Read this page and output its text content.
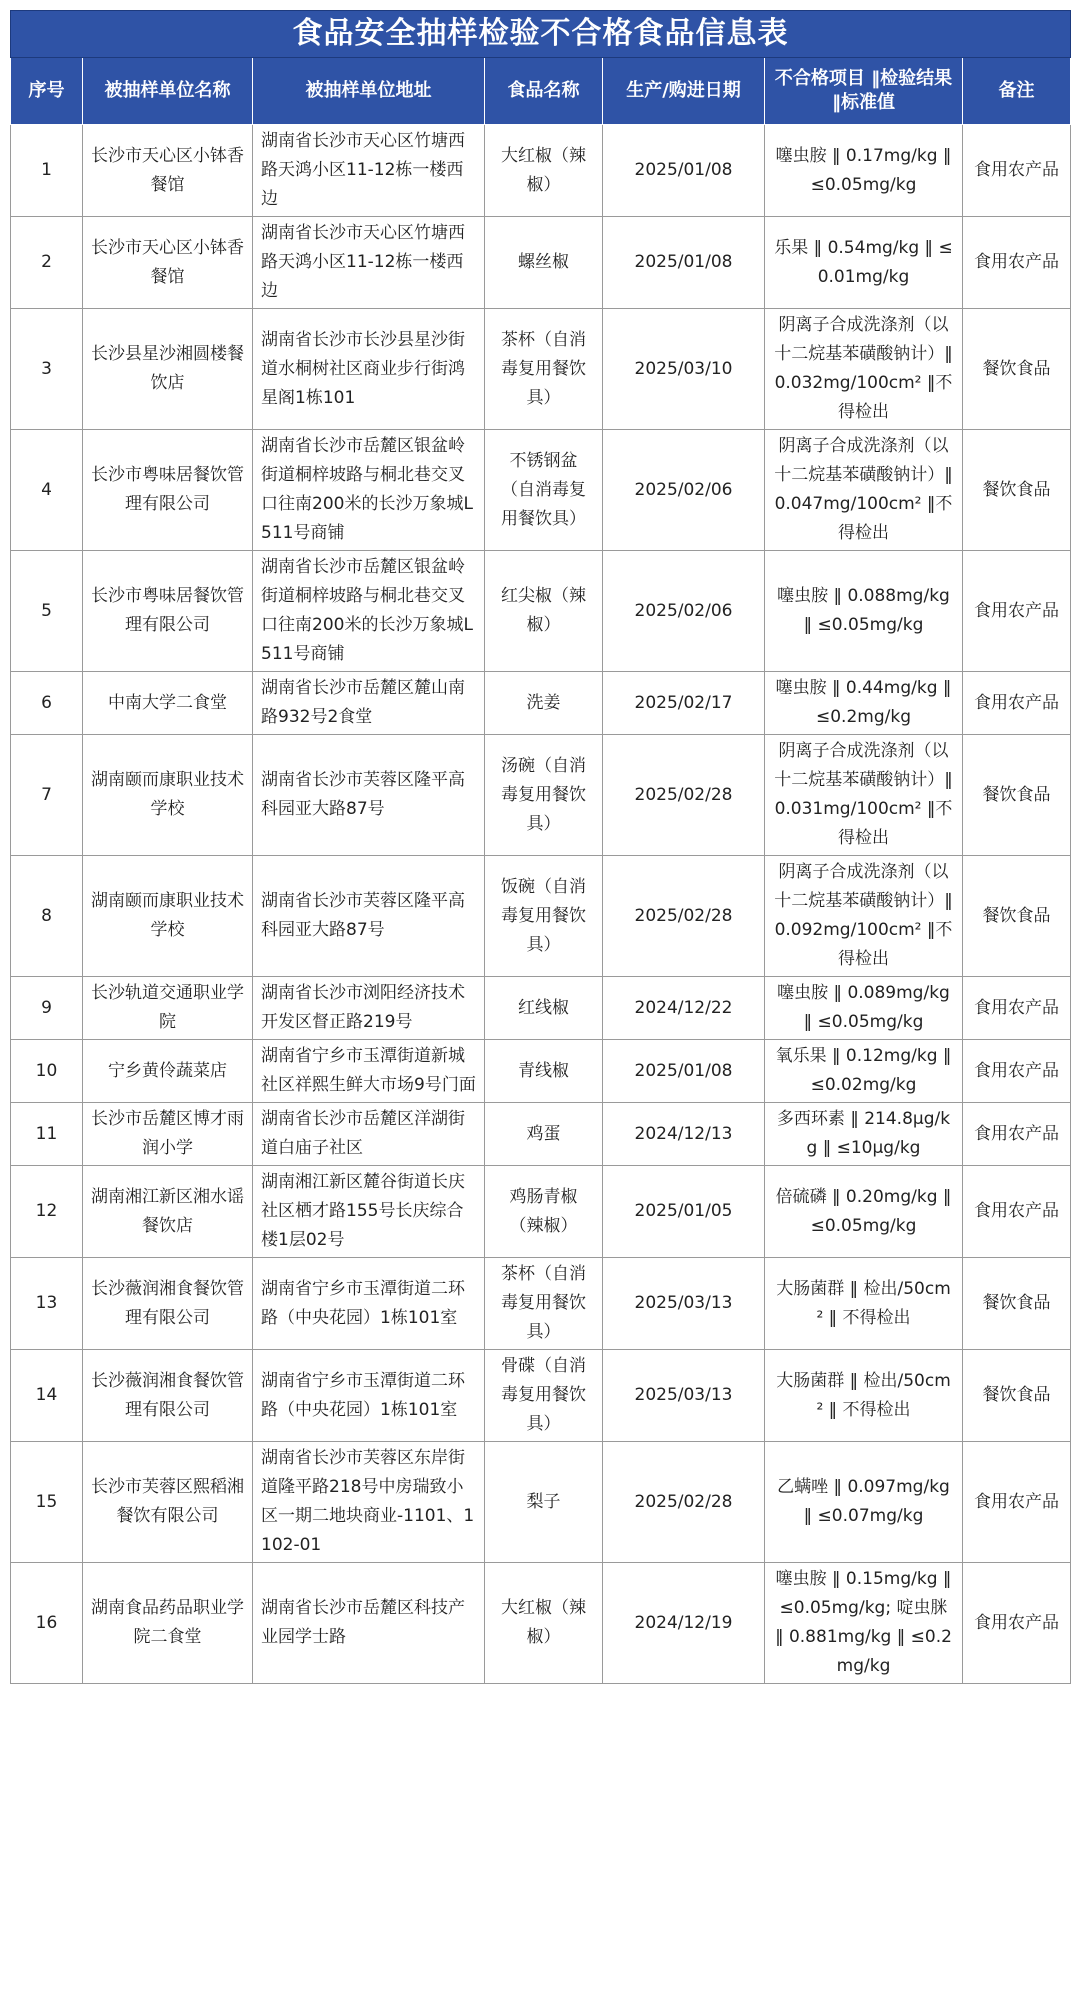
食品安全抽样检验不合格食品信息表						
序号	被抽样单位名称	被抽样单位地址	食品名称	生产/购进日期	不合格项目 ‖检验结果 ‖标准值	备注
1	长沙市天心区小钵香餐馆	湖南省长沙市天心区竹塘西路天鸿小区11-12栋一楼西边	大红椒（辣椒）	2025/01/08	噻虫胺 ‖ 0.17mg/kg ‖ ≤0.05mg/kg	食用农产品
2	长沙市天心区小钵香餐馆	湖南省长沙市天心区竹塘西路天鸿小区11-12栋一楼西边	螺丝椒	2025/01/08	乐果 ‖ 0.54mg/kg ‖ ≤0.01mg/kg	食用农产品
3	长沙县星沙湘圆楼餐饮店	湖南省长沙市长沙县星沙街道水桐树社区商业步行街鸿星阁1栋101	茶杯（自消毒复用餐饮具）	2025/03/10	阴离子合成洗涤剂（以十二烷基苯磺酸钠计）‖ 0.032mg/100cm² ‖不得检出	餐饮食品
4	长沙市粤味居餐饮管理有限公司	湖南省长沙市岳麓区银盆岭街道桐梓坡路与桐北巷交叉口往南200米的长沙万象城L511号商铺	不锈钢盆（自消毒复用餐饮具）	2025/02/06	阴离子合成洗涤剂（以十二烷基苯磺酸钠计）‖ 0.047mg/100cm² ‖不得检出	餐饮食品
5	长沙市粤味居餐饮管理有限公司	湖南省长沙市岳麓区银盆岭街道桐梓坡路与桐北巷交叉口往南200米的长沙万象城L511号商铺	红尖椒（辣椒）	2025/02/06	噻虫胺 ‖ 0.088mg/kg ‖ ≤0.05mg/kg	食用农产品
6	中南大学二食堂	湖南省长沙市岳麓区麓山南路932号2食堂	洗姜	2025/02/17	噻虫胺 ‖ 0.44mg/kg ‖ ≤0.2mg/kg	食用农产品
7	湖南颐而康职业技术学校	湖南省长沙市芙蓉区隆平高科园亚大路87号	汤碗（自消毒复用餐饮具）	2025/02/28	阴离子合成洗涤剂（以十二烷基苯磺酸钠计）‖ 0.031mg/100cm² ‖不得检出	餐饮食品
8	湖南颐而康职业技术学校	湖南省长沙市芙蓉区隆平高科园亚大路87号	饭碗（自消毒复用餐饮具）	2025/02/28	阴离子合成洗涤剂（以十二烷基苯磺酸钠计）‖ 0.092mg/100cm² ‖不得检出	餐饮食品
9	长沙轨道交通职业学院	湖南省长沙市浏阳经济技术开发区督正路219号	红线椒	2024/12/22	噻虫胺 ‖ 0.089mg/kg ‖ ≤0.05mg/kg	食用农产品
10	宁乡黄伶蔬菜店	湖南省宁乡市玉潭街道新城社区祥熙生鲜大市场9号门面	青线椒	2025/01/08	氧乐果 ‖ 0.12mg/kg ‖ ≤0.02mg/kg	食用农产品
11	长沙市岳麓区博才雨润小学	湖南省长沙市岳麓区洋湖街道白庙子社区	鸡蛋	2024/12/13	多西环素 ‖ 214.8μg/kg ‖ ≤10μg/kg	食用农产品
12	湖南湘江新区湘水谣餐饮店	湖南湘江新区麓谷街道长庆社区栖才路155号长庆综合楼1层02号	鸡肠青椒（辣椒）	2025/01/05	倍硫磷 ‖ 0.20mg/kg ‖ ≤0.05mg/kg	食用农产品
13	长沙薇润湘食餐饮管理有限公司	湖南省宁乡市玉潭街道二环路（中央花园）1栋101室	茶杯（自消毒复用餐饮具）	2025/03/13	大肠菌群 ‖ 检出/50cm² ‖ 不得检出	餐饮食品
14	长沙薇润湘食餐饮管理有限公司	湖南省宁乡市玉潭街道二环路（中央花园）1栋101室	骨碟（自消毒复用餐饮具）	2025/03/13	大肠菌群 ‖ 检出/50cm² ‖ 不得检出	餐饮食品
15	长沙市芙蓉区熙稻湘餐饮有限公司	湖南省长沙市芙蓉区东岸街道隆平路218号中房瑞致小区一期二地块商业-1101、1102-01	梨子	2025/02/28	乙螨唑 ‖ 0.097mg/kg ‖ ≤0.07mg/kg	食用农产品
16	湖南食品药品职业学院二食堂	湖南省长沙市岳麓区科技产业园学士路	大红椒（辣椒）	2024/12/19	噻虫胺 ‖ 0.15mg/kg ‖ ≤0.05mg/kg; 啶虫脒 ‖ 0.881mg/kg ‖ ≤0.2mg/kg	食用农产品
